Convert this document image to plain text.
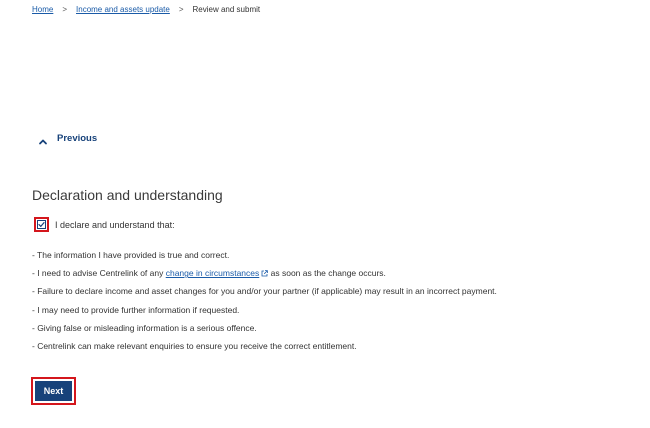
Home > Income and assets update > Review and submit
Previous
Declaration and understanding
I declare and understand that:
- The information I have provided is true and correct.
- I need to advise Centrelink of any change in circumstances as soon as the change occurs.
- Failure to declare income and asset changes for you and/or your partner (if applicable) may result in an incorrect payment.
- I may need to provide further information if requested.
- Giving false or misleading information is a serious offence.
- Centrelink can make relevant enquiries to ensure you receive the correct entitlement.
Next
